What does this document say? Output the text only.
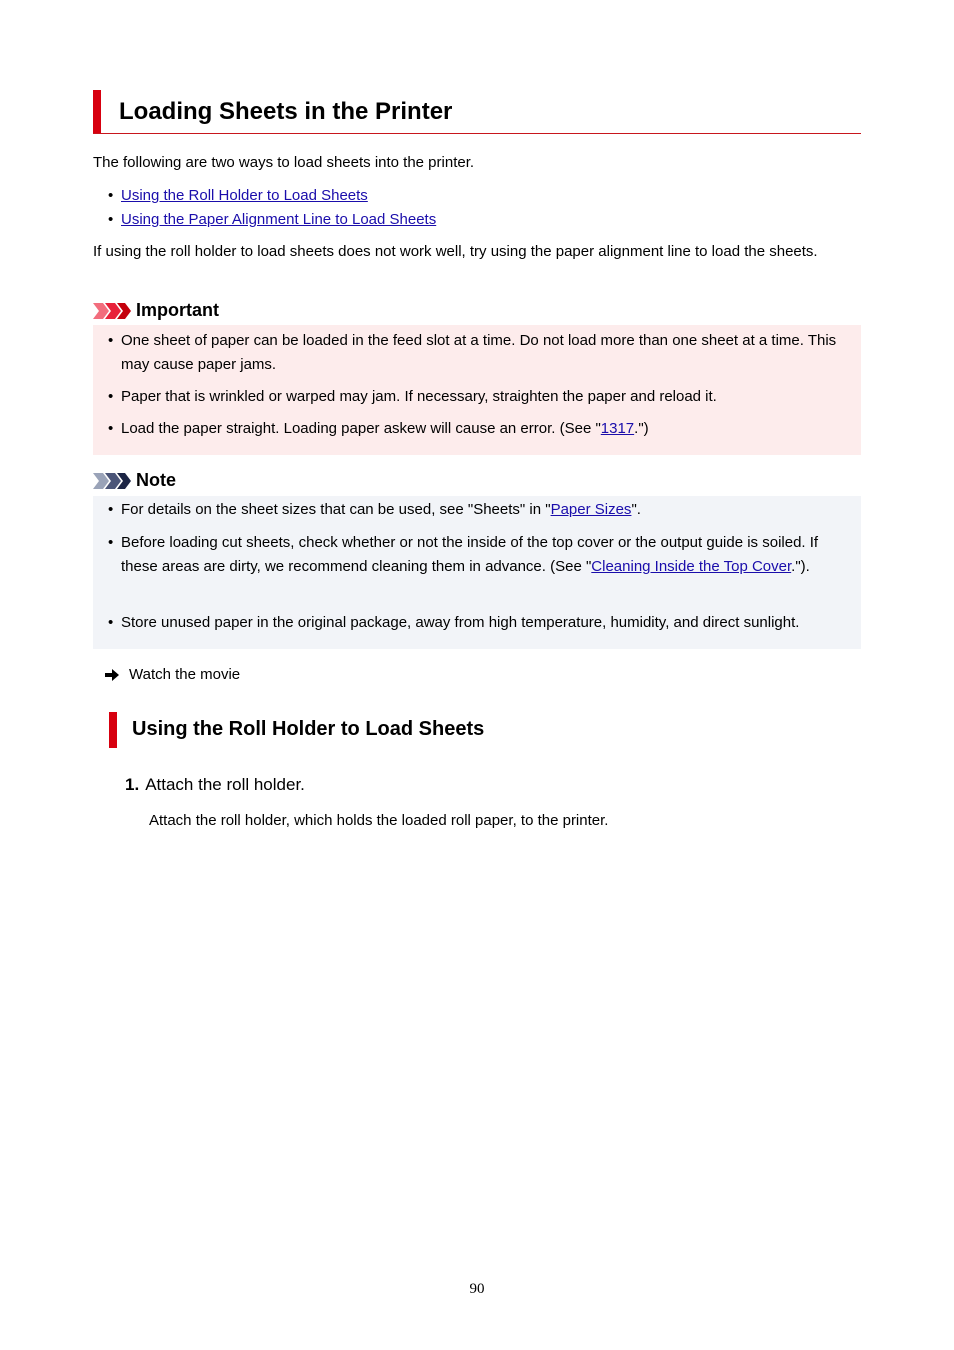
Loading Sheets in the Printer
The following are two ways to load sheets into the printer.
• Using the Roll Holder to Load Sheets
• Using the Paper Alignment Line to Load Sheets
If using the roll holder to load sheets does not work well, try using the paper alignment line to load the sheets.
Important
• One sheet of paper can be loaded in the feed slot at a time. Do not load more than one sheet at a time. This may cause paper jams.
• Paper that is wrinkled or warped may jam. If necessary, straighten the paper and reload it.
• Load the paper straight. Loading paper askew will cause an error. (See "1317.")
Note
• For details on the sheet sizes that can be used, see "Sheets" in "Paper Sizes".
• Before loading cut sheets, check whether or not the inside of the top cover or the output guide is soiled. If these areas are dirty, we recommend cleaning them in advance. (See "Cleaning Inside the Top Cover.").
• Store unused paper in the original package, away from high temperature, humidity, and direct sunlight.
Watch the movie
Using the Roll Holder to Load Sheets
1. Attach the roll holder.
Attach the roll holder, which holds the loaded roll paper, to the printer.
90
